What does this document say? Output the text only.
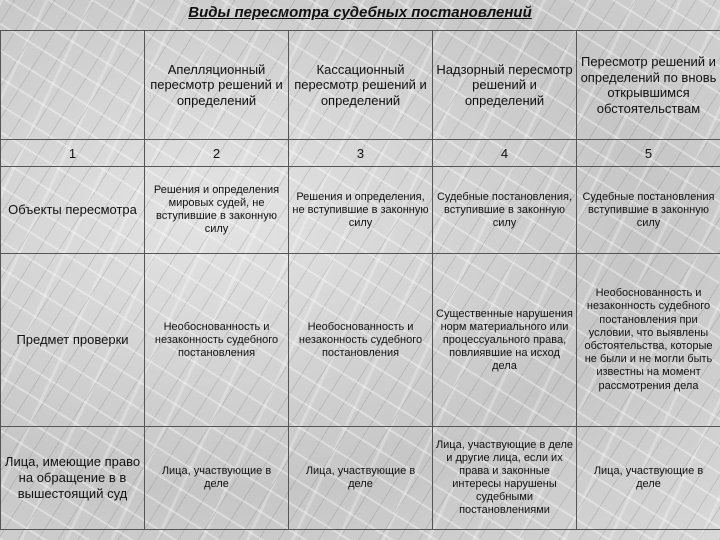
Виды пересмотра судебных постановлений
	Апелляционный пересмотр решений и определений	Кассационный пересмотр решений и определений	Надзорный пересмотр решений и определений	Пересмотр решений и определений по вновь открывшимся обстоятельствам
1	2	3	4	5
Объекты пересмотра	Решения и определения мировых судей, не вступившие в законную силу	Решения и определения, не вступившие в законную силу	Судебные постановления, вступившие в законную силу	Судебные постановления вступившие в законную силу
Предмет проверки	Необоснованность и незаконность судебного постановления	Необоснованность и незаконность судебного постановления	Существенные нарушения норм материального или процессуального права, повлиявшие на исход дела	Необоснованность и незаконность судебного постановления при условии, что выявлены обстоятельства, которые не были и не могли быть известны на момент рассмотрения дела
Лица, имеющие право на обращение в в вышестоящий суд	Лица, участвующие в деле	Лица, участвующие в деле	Лица, участвующие в деле и другие лица, если их права и законные интересы нарушены судебными постановлениями	Лица, участвующие в деле
